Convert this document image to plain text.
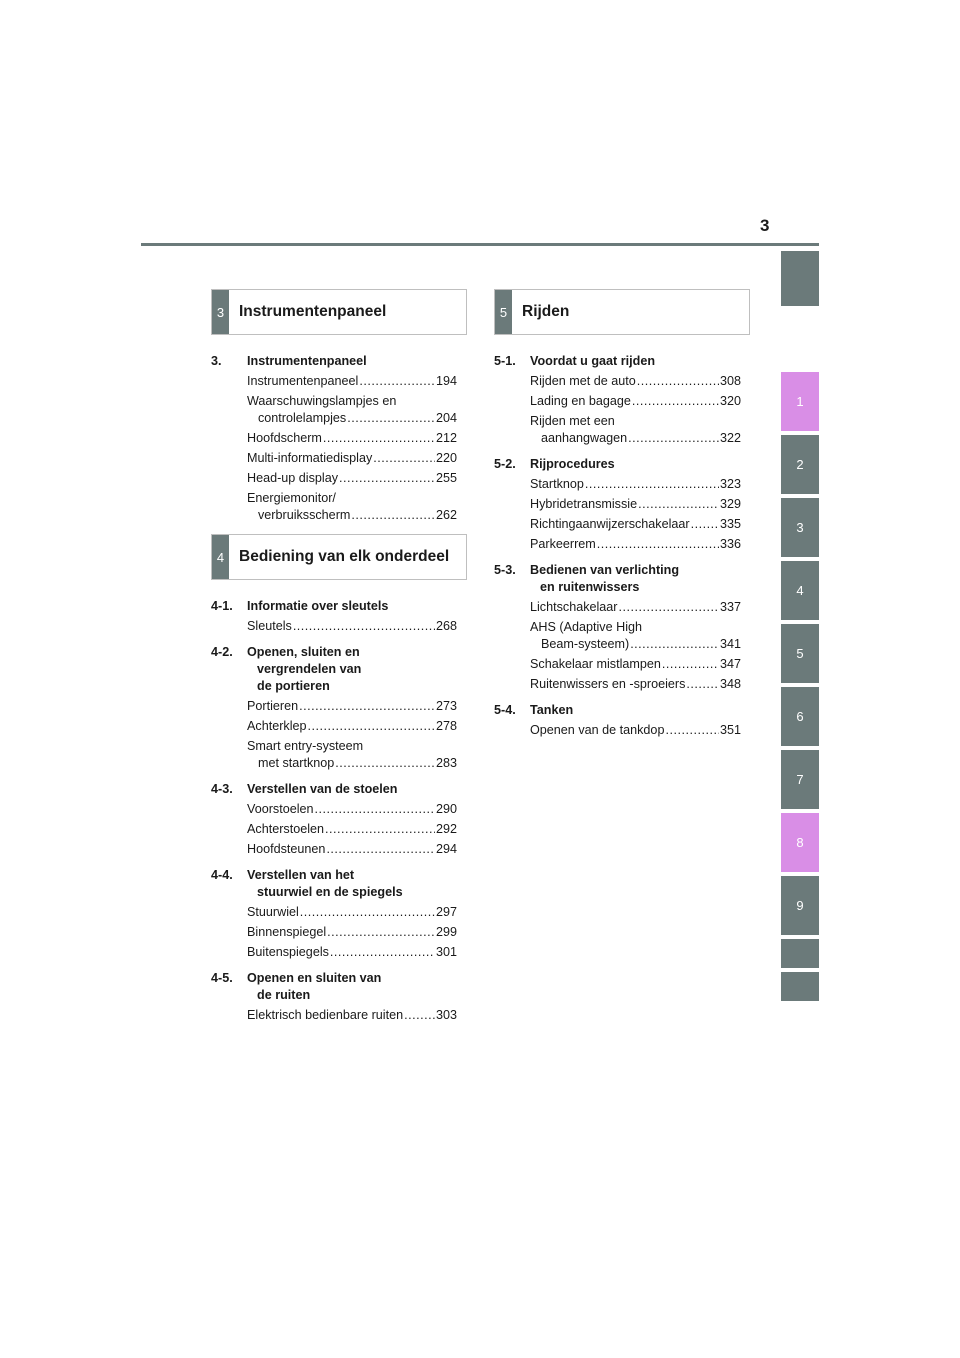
3
1
2
3
4
5
6
7
8
9
3 Instrumentenpaneel
4 Bediening van elk onderdeel
5 Rijden
3. Instrumentenpaneel
Instrumentenpaneel .....	194
Waarschuwingslampjes en
controlelampjes .....	204
Hoofdscherm .....	212
Multi-informatiedisplay .....	220
Head-up display .....	255
Energiemonitor/
verbruiksscherm .....	262
4-1. Informatie over sleutels
Sleutels .....	268
4-2. Openen, sluiten en
vergrendelen van
de portieren
Portieren .....	273
Achterklep .....	278
Smart entry-systeem
met startknop .....	283
4-3. Verstellen van de stoelen
Voorstoelen .....	290
Achterstoelen .....	292
Hoofdsteunen .....	294
4-4. Verstellen van het
stuurwiel en de spiegels
Stuurwiel .....	297
Binnenspiegel .....	299
Buitenspiegels .....	301
4-5. Openen en sluiten van
de ruiten
Elektrisch bedienbare ruiten .....	303
5-1. Voordat u gaat rijden
Rijden met de auto .....	308
Lading en bagage .....	320
Rijden met een
aanhangwagen .....	322
5-2. Rijprocedures
Startknop .....	323
Hybridetransmissie .....	329
Richtingaanwijzerschakelaar ..... 335
Parkeerrem .....	336
5-3. Bedienen van verlichting
en ruitenwissers
Lichtschakelaar .....	337
AHS (Adaptive High
Beam-systeem) .....	341
Schakelaar mistlampen .....	347
Ruitenwissers en -sproeiers .....	348
5-4. Tanken
Openen van de tankdop .....	351
